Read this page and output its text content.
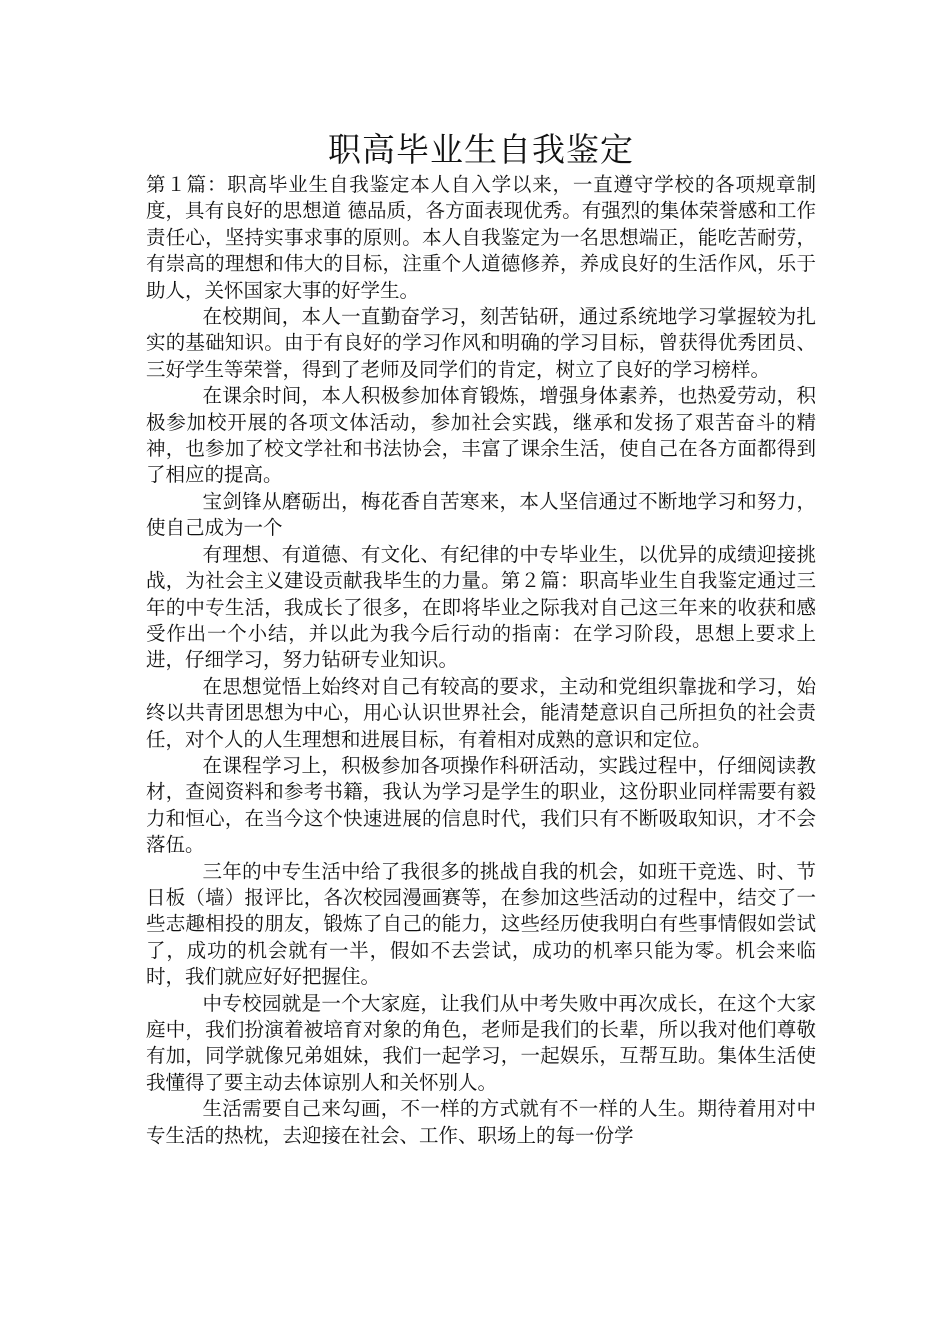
职高毕业生自我鉴定

第１篇：职高毕业生自我鉴定本人自入学以来，一直遵守学校的各项规章制度，具有良好的思想道 德品质，各方面表现优秀。有强烈的集体荣誉感和工作责任心，坚持实事求事的原则。本人自我鉴定为一名思想端正，能吃苦耐劳，有崇高的理想和伟大的目标，注重个人道德修养，养成良好的生活作风，乐于助人，关怀国家大事的好学生。

在校期间，本人一直勤奋学习，刻苦钻研，通过系统地学习掌握较为扎实的基础知识。由于有良好的学习作风和明确的学习目标，曾获得优秀团员、三好学生等荣誉，得到了老师及同学们的肯定，树立了良好的学习榜样。

在课余时间，本人积极参加体育锻炼，增强身体素养，也热爱劳动，积极参加校开展的各项文体活动，参加社会实践，继承和发扬了艰苦奋斗的精神，也参加了校文学社和书法协会，丰富了课余生活，使自己在各方面都得到了相应的提高。

宝剑锋从磨砺出，梅花香自苦寒来，本人坚信通过不断地学习和努力，使自己成为一个

有理想、有道德、有文化、有纪律的中专毕业生，以优异的成绩迎接挑战，为社会主义建设贡献我毕生的力量。第２篇：职高毕业生自我鉴定通过三年的中专生活，我成长了很多，在即将毕业之际我对自己这三年来的收获和感受作出一个小结，并以此为我今后行动的指南：在学习阶段，思想上要求上进，仔细学习，努力钻研专业知识。

在思想觉悟上始终对自己有较高的要求，主动和党组织靠拢和学习，始终以共青团思想为中心，用心认识世界社会，能清楚意识自己所担负的社会责任，对个人的人生理想和进展目标，有着相对成熟的意识和定位。

在课程学习上，积极参加各项操作科研活动，实践过程中，仔细阅读教材，查阅资料和参考书籍，我认为学习是学生的职业，这份职业同样需要有毅力和恒心，在当今这个快速进展的信息时代，我们只有不断吸取知识，才不会落伍。

三年的中专生活中给了我很多的挑战自我的机会，如班干竞选、时、节日板（墙）报评比，各次校园漫画赛等，在参加这些活动的过程中，结交了一些志趣相投的朋友，锻炼了自己的能力，这些经历使我明白有些事情假如尝试了，成功的机会就有一半，假如不去尝试，成功的机率只能为零。机会来临时，我们就应好好把握住。

中专校园就是一个大家庭，让我们从中考失败中再次成长，在这个大家庭中，我们扮演着被培育对象的角色，老师是我们的长辈，所以我对他们尊敬有加，同学就像兄弟姐妹，我们一起学习，一起娱乐，互帮互助。集体生活使我懂得了要主动去体谅别人和关怀别人。

生活需要自己来勾画，不一样的方式就有不一样的人生。期待着用对中专生活的热枕，去迎接在社会、工作、职场上的每一份学
